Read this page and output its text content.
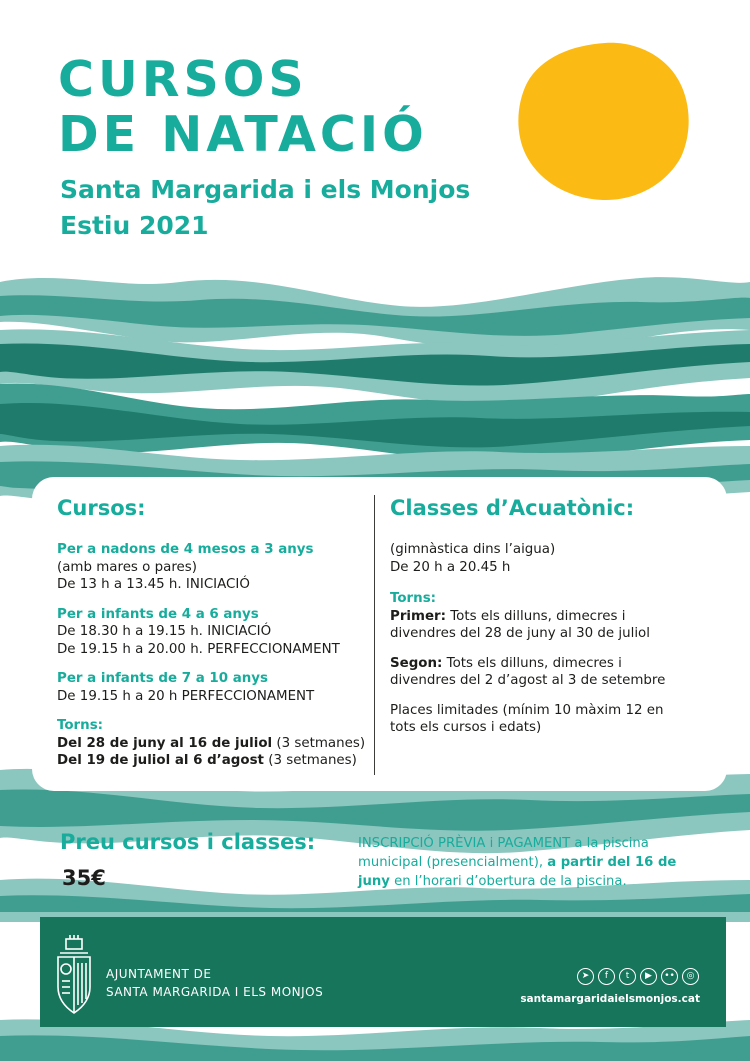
CURSOS
DE NATACIÓ
Santa Margarida i els Monjos
Estiu 2021
Cursos:
Per a nadons de 4 mesos a 3 anys
(amb mares o pares)
De 13 h a 13.45 h. INICIACIÓ
Per a infants de 4 a 6 anys
De 18.30 h a 19.15 h. INICIACIÓ
De 19.15 h a 20.00 h. PERFECCIONAMENT
Per a infants de 7 a 10 anys
De 19.15 h a 20 h PERFECCIONAMENT
Torns:
Del 28 de juny al 16 de juliol (3 setmanes)
Del 19 de juliol al 6 d’agost (3 setmanes)
Classes d’Acuatònic:
(gimnàstica dins l’aigua)
De 20 h a 20.45 h
Torns:
Primer: Tots els dilluns, dimecres i
divendres del 28 de juny al 30 de juliol
Segon: Tots els dilluns, dimecres i
divendres del 2 d’agost al 3 de setembre
Places limitades (mínim 10 màxim 12 en
tots els cursos i edats)
Preu cursos i classes:
35€
INSCRIPCIÓ PRÈVIA i PAGAMENT a la piscina
municipal (presencialment), a partir del 16 de
juny en l’horari d’obertura de la piscina.
AJUNTAMENT DE
SANTA MARGARIDA I ELS MONJOS
➤	f	t	▶	••	◎
santamargaridaielsmonjos.cat
